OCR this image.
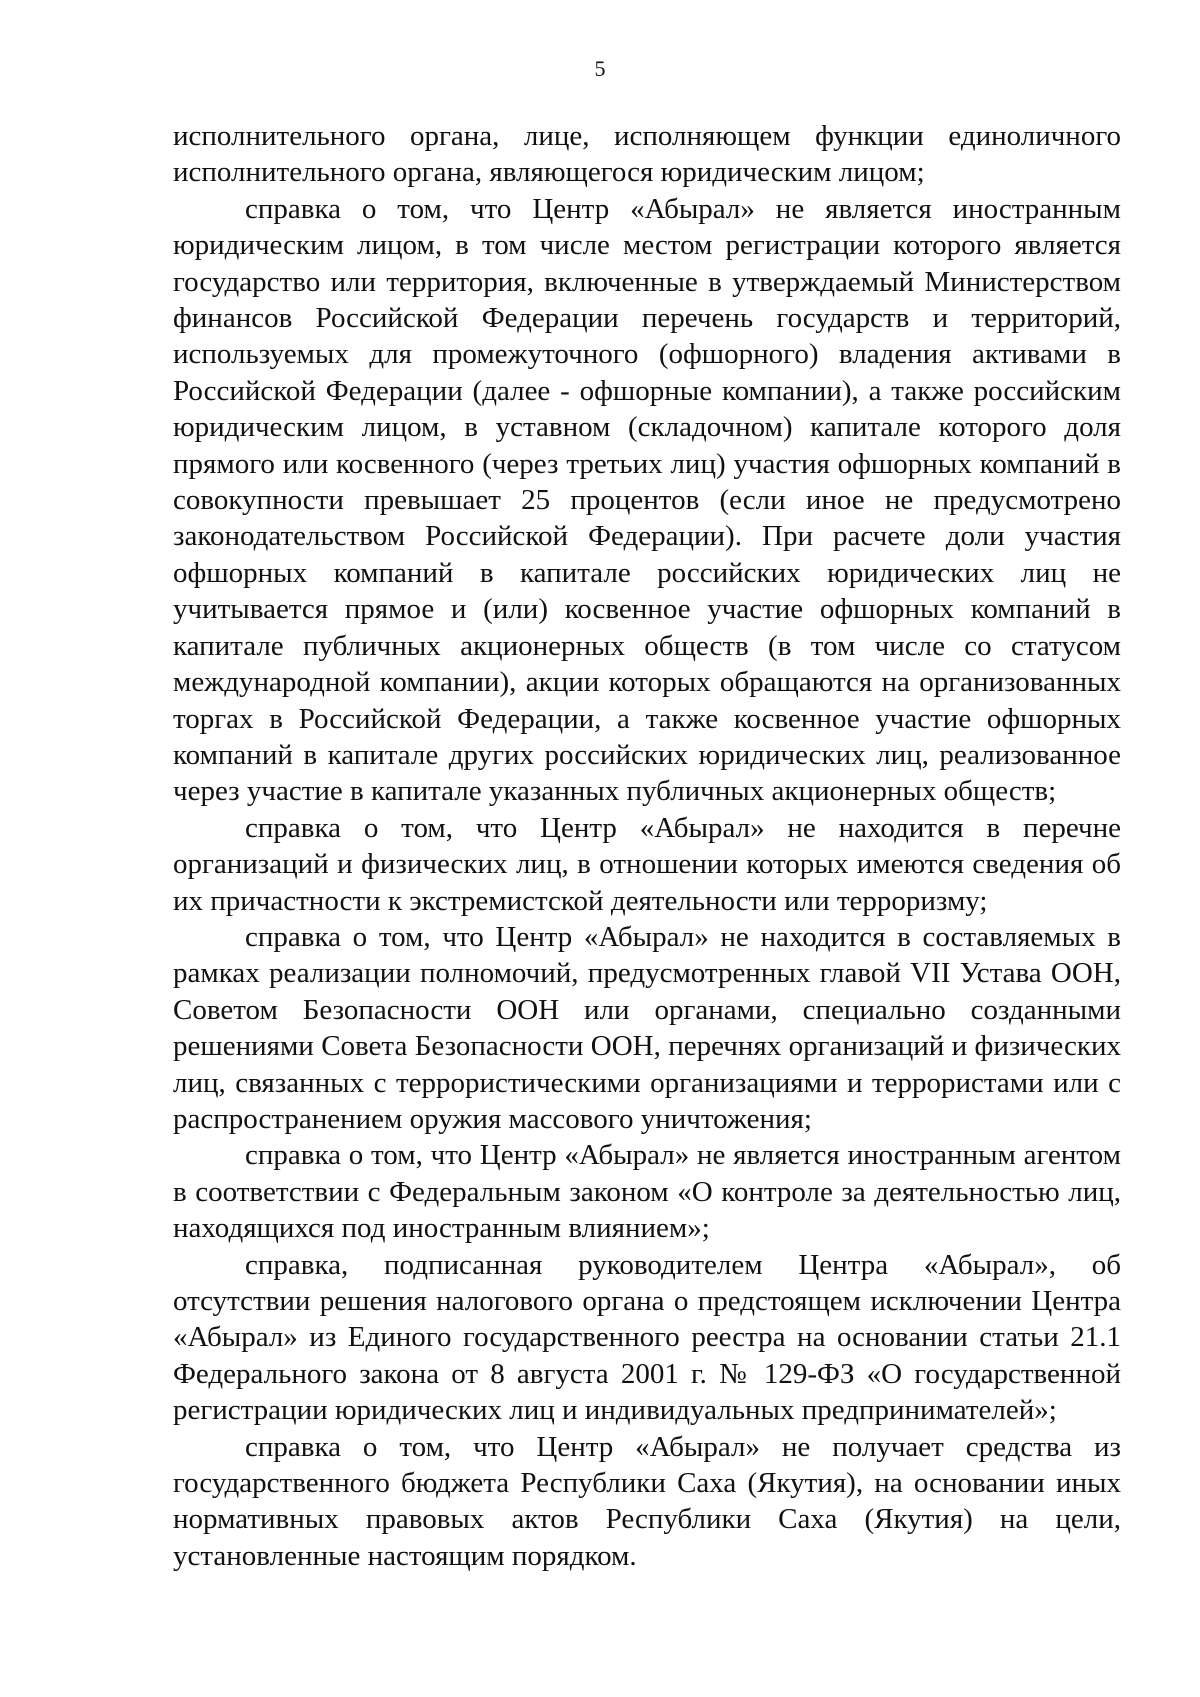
5

исполнительного органа, лице, исполняющем функции единоличного исполнительного органа, являющегося юридическим лицом;

справка о том, что Центр «Абырал» не является иностранным юридическим лицом, в том числе местом регистрации которого является государство или территория, включенные в утверждаемый Министерством финансов Российской Федерации перечень государств и территорий, используемых для промежуточного (офшорного) владения активами в Российской Федерации (далее - офшорные компании), а также российским юридическим лицом, в уставном (складочном) капитале которого доля прямого или косвенного (через третьих лиц) участия офшорных компаний в совокупности превышает 25 процентов (если иное не предусмотрено законодательством Российской Федерации). При расчете доли участия офшорных компаний в капитале российских юридических лиц не учитывается прямое и (или) косвенное участие офшорных компаний в капитале публичных акционерных обществ (в том числе со статусом международной компании), акции которых обращаются на организованных торгах в Российской Федерации, а также косвенное участие офшорных компаний в капитале других российских юридических лиц, реализованное через участие в капитале указанных публичных акционерных обществ;

справка о том, что Центр «Абырал» не находится в перечне организаций и физических лиц, в отношении которых имеются сведения об их причастности к экстремистской деятельности или терроризму;

справка о том, что Центр «Абырал» не находится в составляемых в рамках реализации полномочий, предусмотренных главой VII Устава ООН, Советом Безопасности ООН или органами, специально созданными решениями Совета Безопасности ООН, перечнях организаций и физических лиц, связанных с террористическими организациями и террористами или с распространением оружия массового уничтожения;

справка о том, что Центр «Абырал» не является иностранным агентом в соответствии с Федеральным законом «О контроле за деятельностью лиц, находящихся под иностранным влиянием»;

справка, подписанная руководителем Центра «Абырал», об отсутствии решения налогового органа о предстоящем исключении Центра «Абырал» из Единого государственного реестра на основании статьи 21.1 Федерального закона от 8 августа 2001 г. № 129-ФЗ «О государственной регистрации юридических лиц и индивидуальных предпринимателей»;

справка о том, что Центр «Абырал» не получает средства из государственного бюджета Республики Саха (Якутия), на основании иных нормативных правовых актов Республики Саха (Якутия) на цели, установленные настоящим порядком.
